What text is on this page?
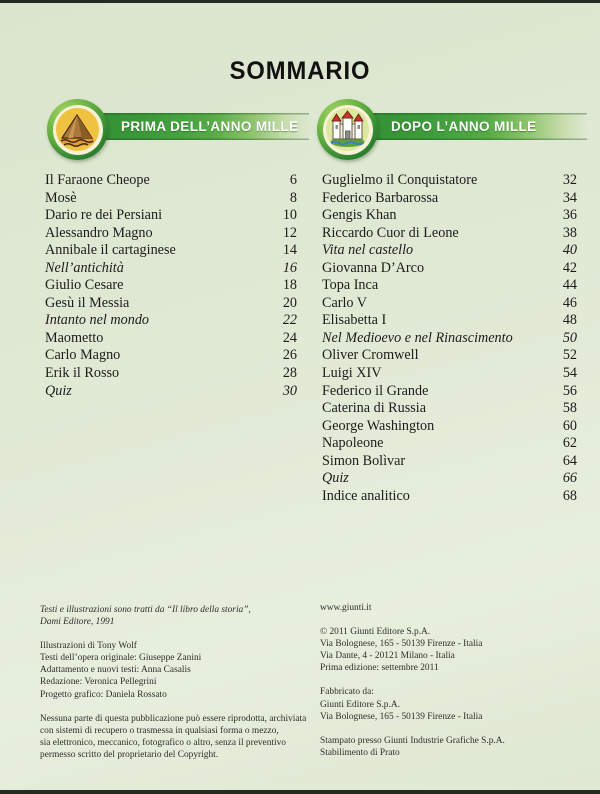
SOMMARIO
PRIMA DELL’ANNO MILLE	DOPO L’ANNO MILLE
Il Faraone Cheope	6
Mosè	8
Dario re dei Persiani	10
Alessandro Magno	12
Annibale il cartaginese	14
Nell’antichità	16
Giulio Cesare	18
Gesù il Messia	20
Intanto nel mondo	22
Maometto	24
Carlo Magno	26
Erik il Rosso	28
Quiz	30
Guglielmo il Conquistatore	32
Federico Barbarossa	34
Gengis Khan	36
Riccardo Cuor di Leone	38
Vita nel castello	40
Giovanna D’Arco	42
Topa Inca	44
Carlo V	46
Elisabetta I	48
Nel Medioevo e nel Rinascimento	50
Oliver Cromwell	52
Luigi XIV	54
Federico il Grande	56
Caterina di Russia	58
George Washington	60
Napoleone	62
Simon Bolìvar	64
Quiz	66
Indice analitico	68
Testi e illustrazioni sono tratti da “Il libro della storia”,
Dami Editore, 1991
Illustrazioni di Tony Wolf
Testi dell’opera originale: Giuseppe Zanini
Adattamento e nuovi testi: Anna Casalis
Redazione: Veronica Pellegrini
Progetto grafico: Daniela Rossato
Nessuna parte di questa pubblicazione può essere riprodotta, archiviata
con sistemi di recupero o trasmessa in qualsiasi forma o mezzo,
sia elettronico, meccanico, fotografico o altro, senza il preventivo
permesso scritto del proprietario del Copyright.
www.giunti.it
© 2011 Giunti Editore S.p.A.
Via Bolognese, 165 - 50139 Firenze - Italia
Via Dante, 4 - 20121 Milano - Italia
Prima edizione: settembre 2011
Fabbricato da:
Giunti Editore S.p.A.
Via Bolognese, 165 - 50139 Firenze - Italia
Stampato presso Giunti Industrie Grafiche S.p.A.
Stabilimento di Prato
